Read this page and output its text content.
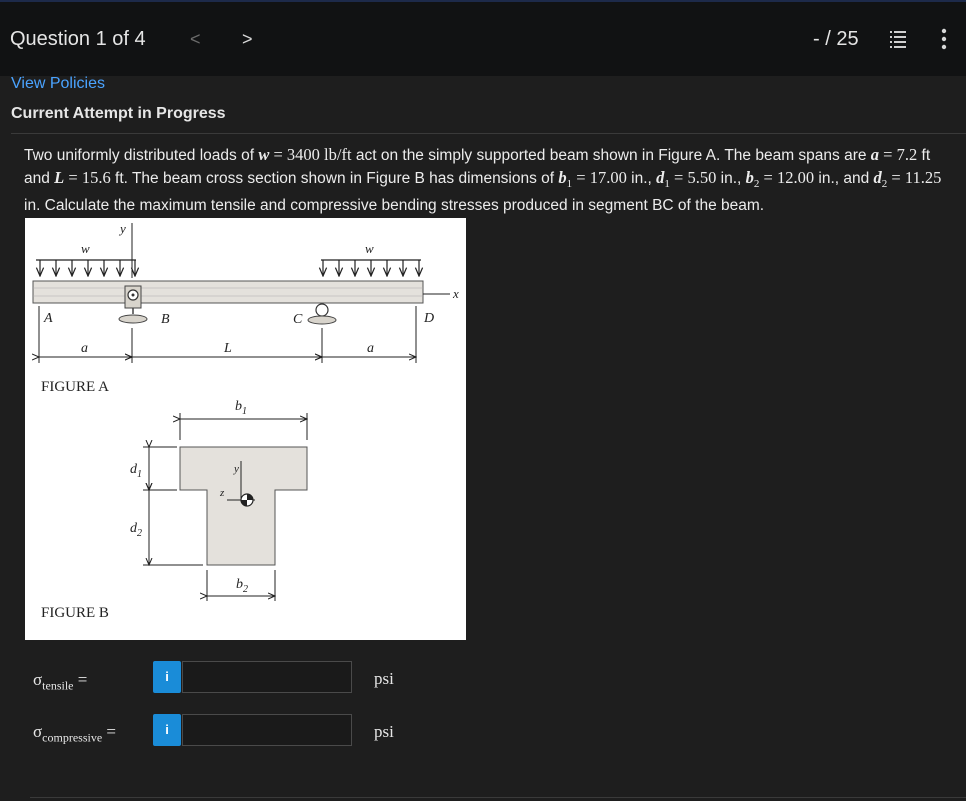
Question 1 of 4 < >	- / 25
View Policies
Current Attempt in Progress
Two uniformly distributed loads of w = 3400 lb/ft act on the simply supported beam shown in Figure A. The beam spans are a = 7.2 ft and L = 15.6 ft. The beam cross section shown in Figure B has dimensions of $b_1 = 17.00$ in., $d_1 = 5.50$ in., $b_2 = 12.00$ in., and $d_2 = 11.25$ in. Calculate the maximum tensile and compressive bending stresses produced in segment BC of the beam.
y
w	w
x
A	B	C	D
a	L	a
FIGURE A
$b_1$
y
z
$d_1$
$d_2$
$b_2$
FIGURE B
$\sigma_{tensile}$ =	i	psi
$\sigma_{compressive}$ =	i	psi
